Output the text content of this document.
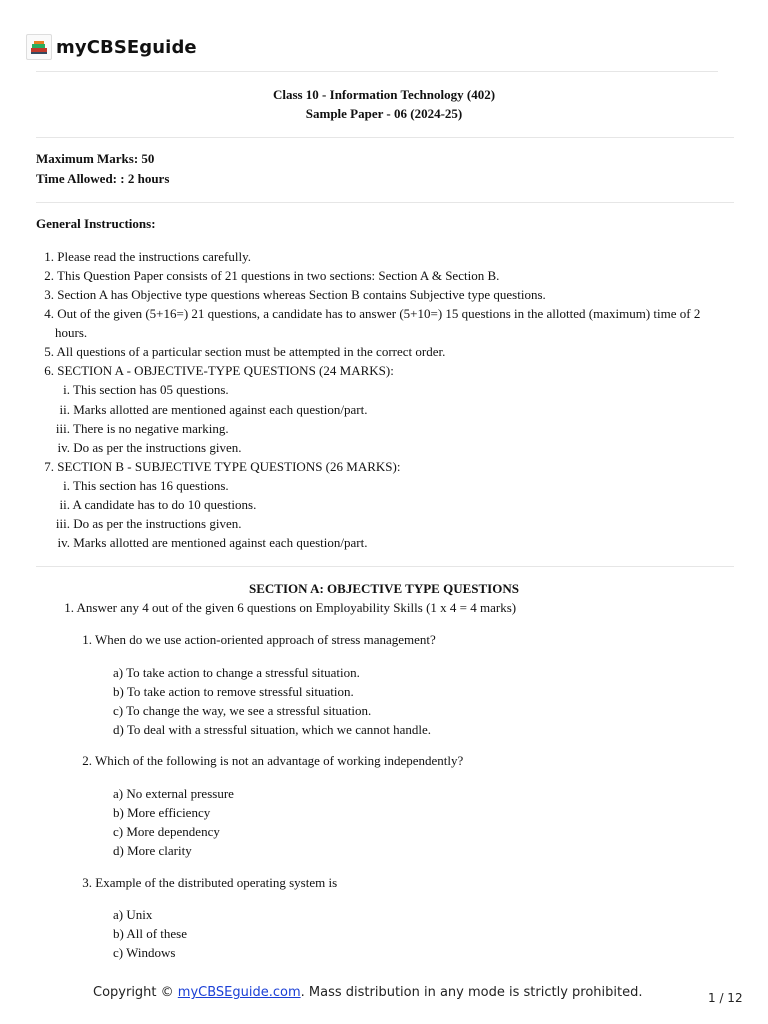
myCBSEguide
Class 10 - Information Technology (402)
Sample Paper - 06 (2024-25)
Maximum Marks: 50
Time Allowed: : 2 hours
General Instructions:
1. Please read the instructions carefully.
2. This Question Paper consists of 21 questions in two sections: Section A & Section B.
3. Section A has Objective type questions whereas Section B contains Subjective type questions.
4. Out of the given (5+16=) 21 questions, a candidate has to answer (5+10=) 15 questions in the allotted (maximum) time of 2
hours.
5. All questions of a particular section must be attempted in the correct order.
6. SECTION A - OBJECTIVE-TYPE QUESTIONS (24 MARKS):
i. This section has 05 questions.
ii. Marks allotted are mentioned against each question/part.
iii. There is no negative marking.
iv. Do as per the instructions given.
7. SECTION B - SUBJECTIVE TYPE QUESTIONS (26 MARKS):
i. This section has 16 questions.
ii. A candidate has to do 10 questions.
iii. Do as per the instructions given.
iv. Marks allotted are mentioned against each question/part.
SECTION A: OBJECTIVE TYPE QUESTIONS
1. Answer any 4 out of the given 6 questions on Employability Skills (1 x 4 = 4 marks)
1. When do we use action-oriented approach of stress management?
a) To take action to change a stressful situation.
b) To take action to remove stressful situation.
c) To change the way, we see a stressful situation.
d) To deal with a stressful situation, which we cannot handle.
2. Which of the following is not an advantage of working independently?
a) No external pressure
b) More efficiency
c) More dependency
d) More clarity
3. Example of the distributed operating system is
a) Unix
b) All of these
c) Windows
Copyright © myCBSEguide.com. Mass distribution in any mode is strictly prohibited.	1 / 12
